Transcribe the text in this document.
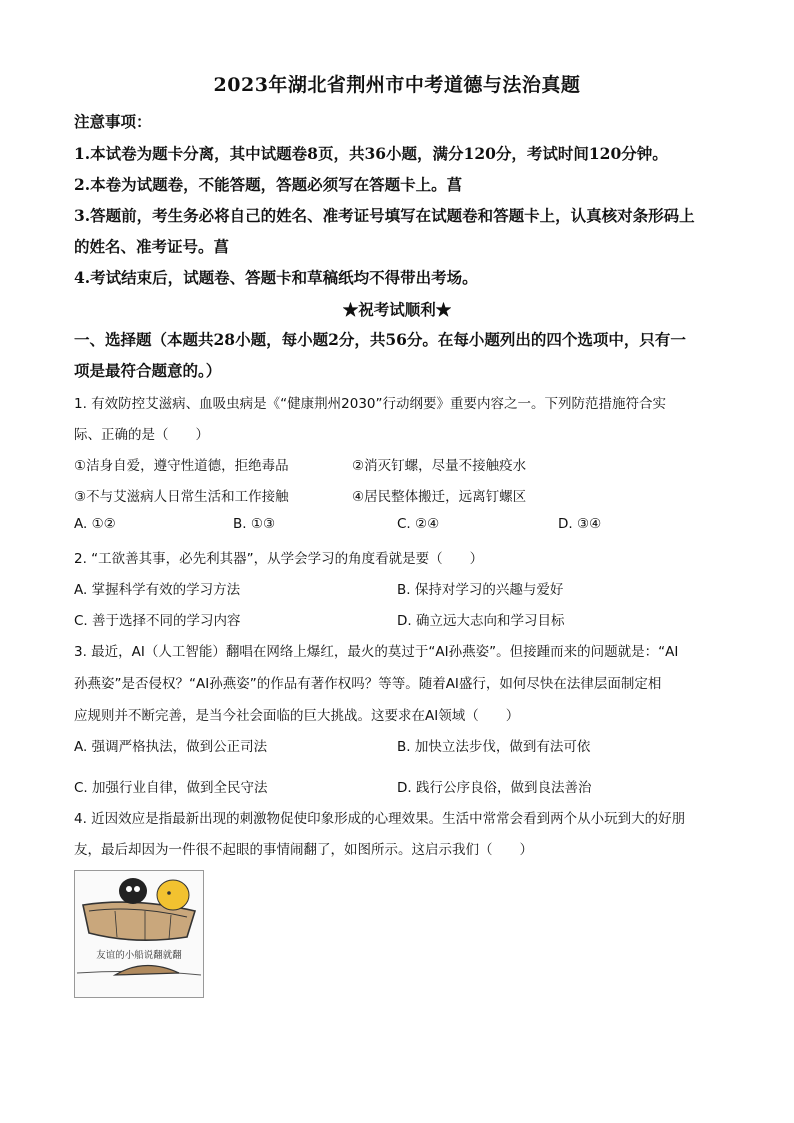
2023年湖北省荆州市中考道德与法治真题
注意事项：
1.本试卷为题卡分离，其中试题卷8页，共36小题，满分120分，考试时间120分钟。
2.本卷为试题卷，不能答题，答题必须写在答题卡上。菖
3.答题前，考生务必将自己的姓名、准考证号填写在试题卷和答题卡上，认真核对条形码上
的姓名、准考证号。菖
4.考试结束后，试题卷、答题卡和草稿纸均不得带出考场。
★祝考试顺利★
一、选择题（本题共28小题，每小题2分，共56分。在每小题列出的四个选项中，只有一
项是最符合题意的。）
1. 有效防控艾滋病、血吸虫病是《“健康荆州2030”行动纲要》重要内容之一。下列防范措施符合实
际、正确的是（　　）
①洁身自爱，遵守性道德，拒绝毒品	②消灭钉螺，尽量不接触疫水
③不与艾滋病人日常生活和工作接触	④居民整体搬迁，远离钉螺区
A. ①②	B. ①③	C. ②④	D. ③④
2. “工欲善其事，必先利其器”，从学会学习的角度看就是要（　　）
A. 掌握科学有效的学习方法	B. 保持对学习的兴趣与爱好
C. 善于选择不同的学习内容	D. 确立远大志向和学习目标
3. 最近，AI（人工智能）翻唱在网络上爆红，最火的莫过于“AI孙燕姿”。但接踵而来的问题就是：“AI
孙燕姿”是否侵权？“AI孙燕姿”的作品有著作权吗？等等。随着AI盛行，如何尽快在法律层面制定相
应规则并不断完善，是当今社会面临的巨大挑战。这要求在AI领域（　　）
A. 强调严格执法，做到公正司法	B. 加快立法步伐，做到有法可依
C. 加强行业自律，做到全民守法	D. 践行公序良俗，做到良法善治
4. 近因效应是指最新出现的刺激物促使印象形成的心理效果。生活中常常会看到两个从小玩到大的好朋
友，最后却因为一件很不起眼的事情闹翻了，如图所示。这启示我们（　　）
友谊的小船说翻就翻
